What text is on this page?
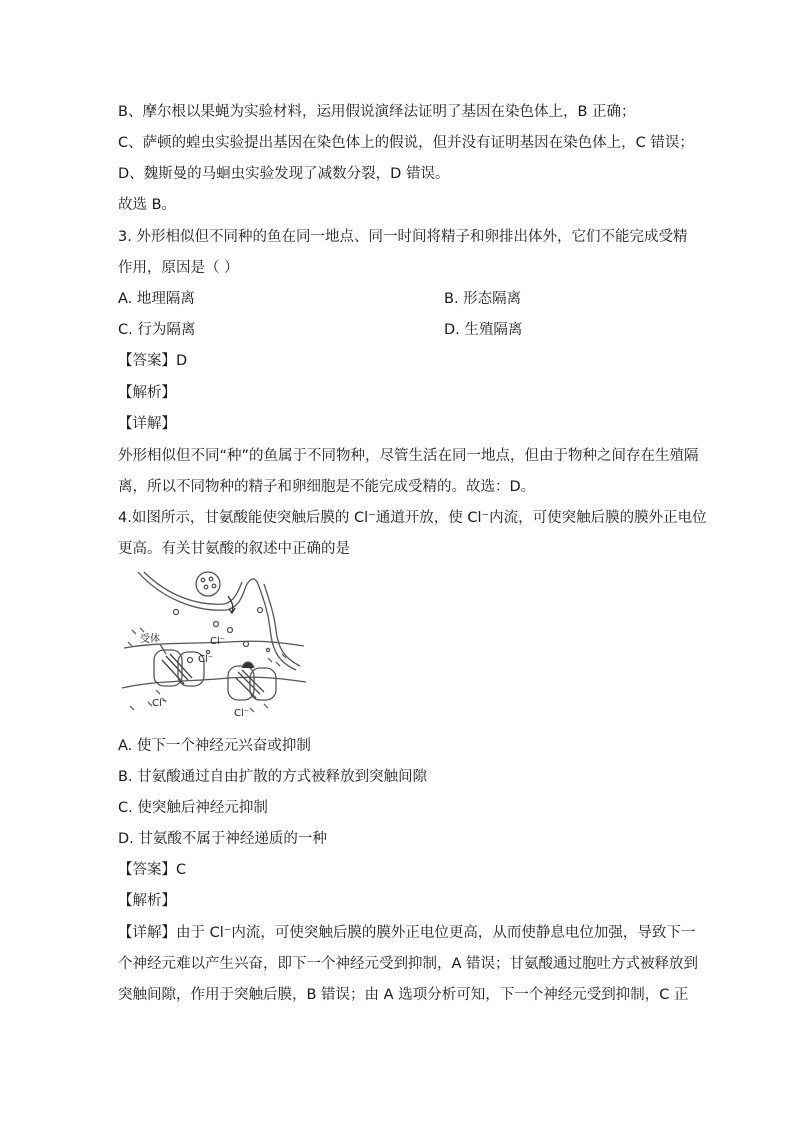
B、摩尔根以果蝇为实验材料，运用假说演绎法证明了基因在染色体上，B 正确；
C、萨顿的蝗虫实验提出基因在染色体上的假说，但并没有证明基因在染色体上，C 错误；
D、魏斯曼的马蛔虫实验发现了减数分裂，D 错误。
故选 B。
3. 外形相似但不同种的鱼在同一地点、同一时间将精子和卵排出体外，它们不能完成受精
作用，原因是（ ）
A. 地理隔离	B. 形态隔离
C. 行为隔离	D. 生殖隔离
【答案】D
【解析】
【详解】
外形相似但不同“种”的鱼属于不同物种，尽管生活在同一地点，但由于物种之间存在生殖隔
离，所以不同物种的精子和卵细胞是不能完成受精的。故选：D。
4.如图所示，甘氨酸能使突触后膜的 Cl⁻通道开放，使 Cl⁻内流，可使突触后膜的膜外正电位
更高。有关甘氨酸的叙述中正确的是
受体	Cl⁻
Cl⁻
Cl⁻
Cl⁻
A. 使下一个神经元兴奋或抑制
B. 甘氨酸通过自由扩散的方式被释放到突触间隙
C. 使突触后神经元抑制
D. 甘氨酸不属于神经递质的一种
【答案】C
【解析】
【详解】由于 Cl⁻内流，可使突触后膜的膜外正电位更高，从而使静息电位加强，导致下一
个神经元难以产生兴奋，即下一个神经元受到抑制，A 错误；甘氨酸通过胞吐方式被释放到
突触间隙，作用于突触后膜，B 错误；由 A 选项分析可知，下一个神经元受到抑制，C 正
